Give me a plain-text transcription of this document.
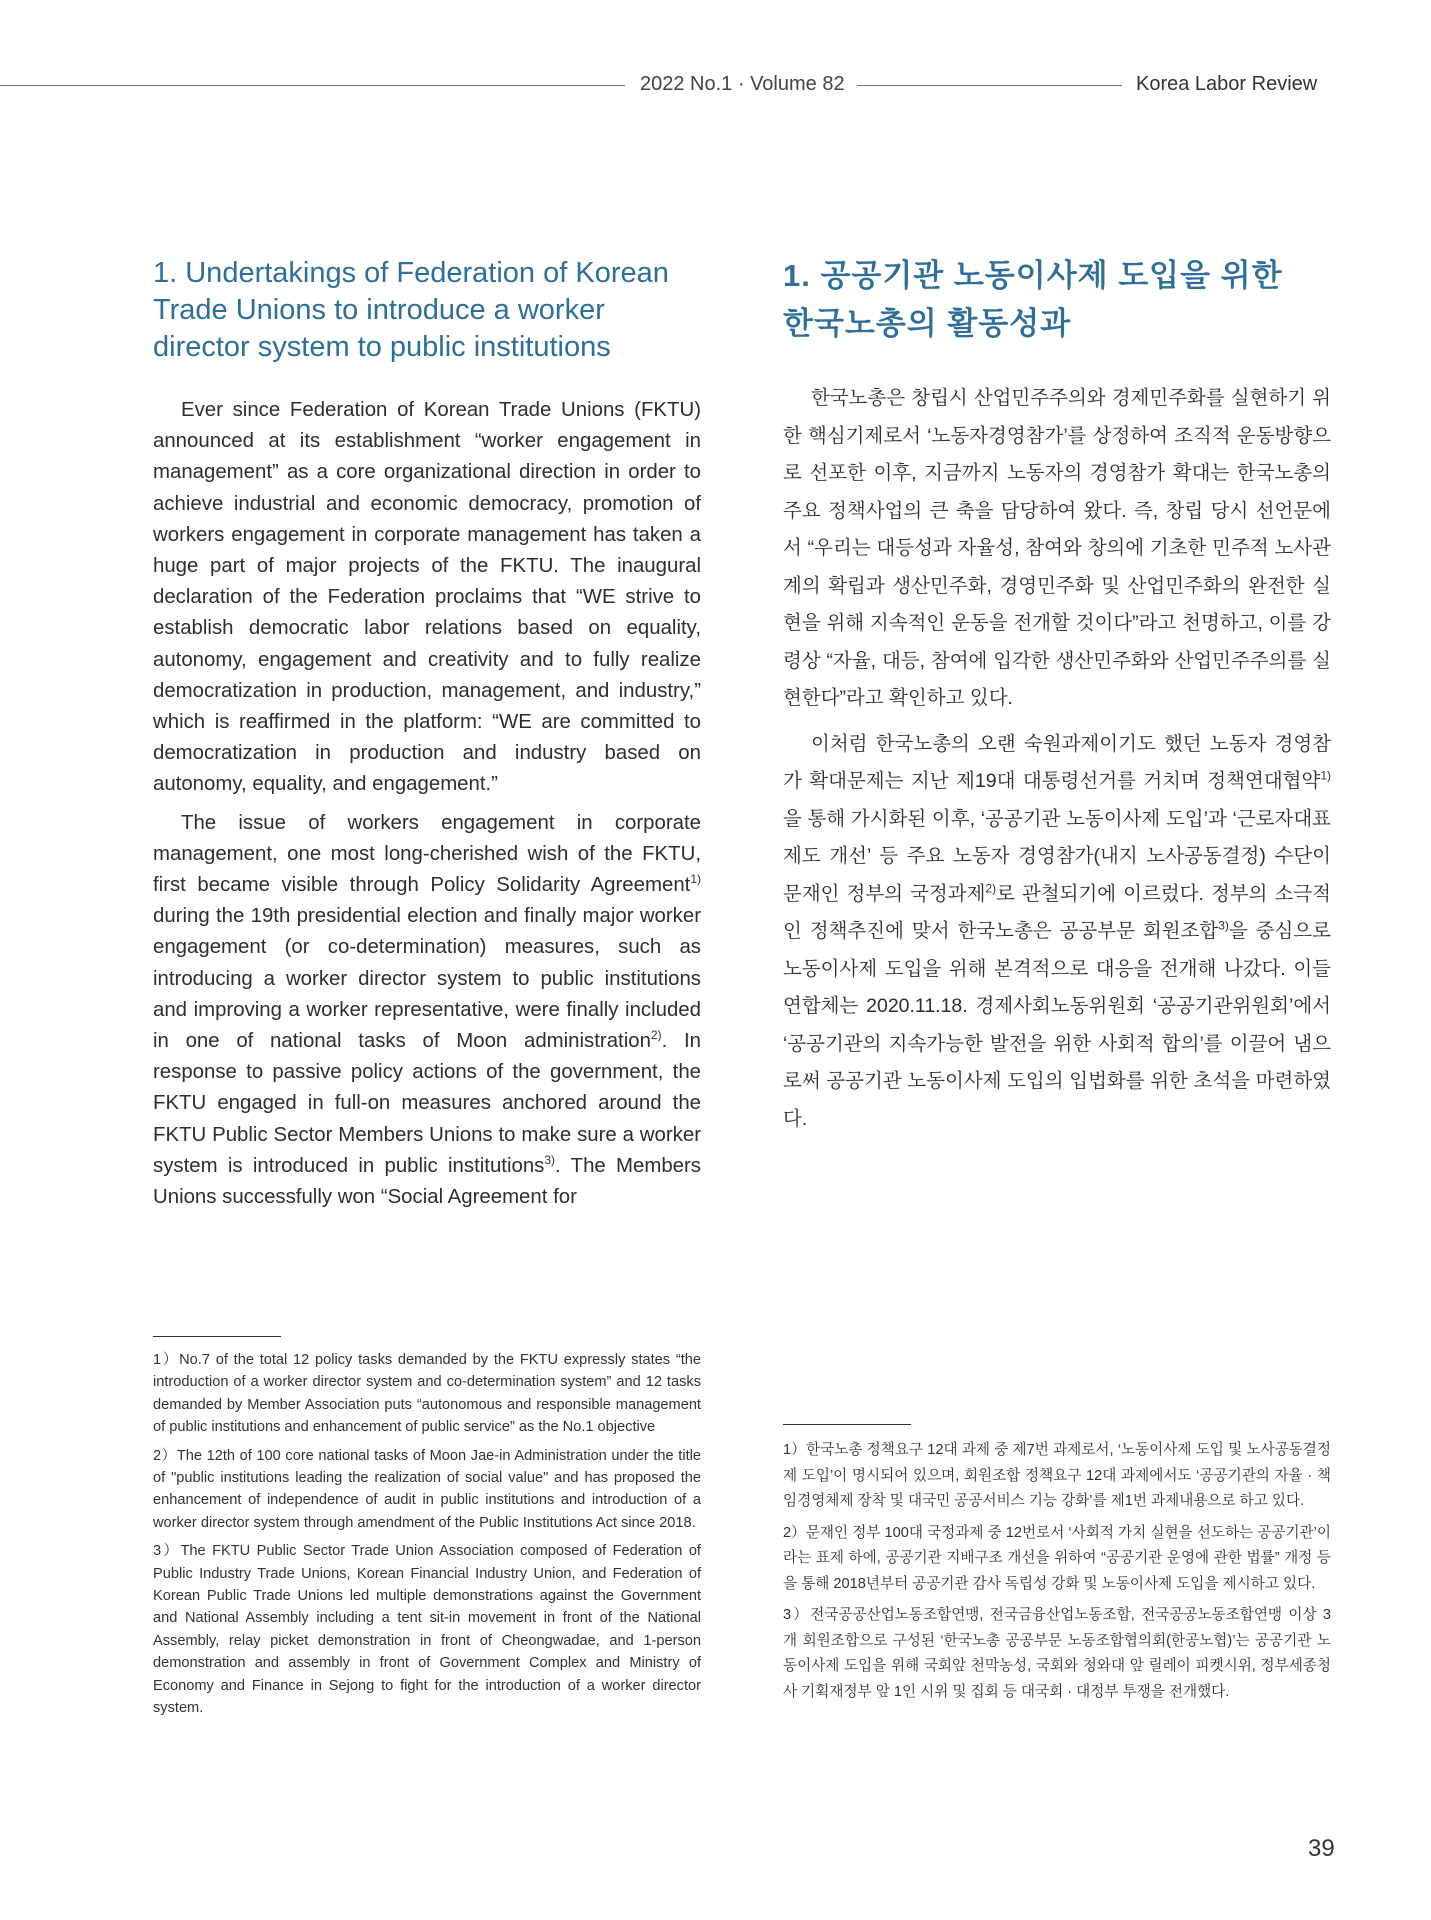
2022 No.1 · Volume 82	Korea Labor Review
1. Undertakings of Federation of Korean Trade Unions to introduce a worker director system to public institutions

Ever since Federation of Korean Trade Unions (FKTU) announced at its establishment “worker engagement in management” as a core organizational direction in order to achieve industrial and economic democracy, promotion of workers engagement in corporate management has taken a huge part of major projects of the FKTU. The inaugural declaration of the Federation proclaims that “WE strive to establish democratic labor relations based on equality, autonomy, engagement and creativity and to fully realize democratization in production, management, and industry,” which is reaffirmed in the platform: “WE are committed to democratization in production and industry based on autonomy, equality, and engagement.”

The issue of workers engagement in corporate management, one most long-cherished wish of the FKTU, first became visible through Policy Solidarity Agreement$^{1)}$ during the 19th presidential election and finally major worker engagement (or co-determination) measures, such as introducing a worker director system to public institutions and improving a worker representative, were finally included in one of national tasks of Moon administration$^{2)}$. In response to passive policy actions of the government, the FKTU engaged in full-on measures anchored around the FKTU Public Sector Members Unions to make sure a worker system is introduced in public institutions$^{3)}$. The Members Unions successfully won “Social Agreement for

1）No.7 of the total 12 policy tasks demanded by the FKTU expressly states “the introduction of a worker director system and co-determination system” and 12 tasks demanded by Member Association puts “autonomous and responsible management of public institutions and enhancement of public service” as the No.1 objective

2）The 12th of 100 core national tasks of Moon Jae-in Administration under the title of "public institutions leading the realization of social value" and has proposed the enhancement of independence of audit in public institutions and introduction of a worker director system through amendment of the Public Institutions Act since 2018.

3）The FKTU Public Sector Trade Union Association composed of Federation of Public Industry Trade Unions, Korean Financial Industry Union, and Federation of Korean Public Trade Unions led multiple demonstrations against the Government and National Assembly including a tent sit-in movement in front of the National Assembly, relay picket demonstration in front of Cheongwadae, and 1-person demonstration and assembly in front of Government Complex and Ministry of Economy and Finance in Sejong to fight for the introduction of a worker director system.

1. 공공기관 노동이사제 도입을 위한
한국노총의 활동성과

한국노총은 창립시 산업민주주의와 경제민주화를 실현하기 위한 핵심기제로서 ‘노동자경영참가’를 상정하여 조직적 운동방향으로 선포한 이후, 지금까지 노동자의 경영참가 확대는 한국노총의 주요 정책사업의 큰 축을 담당하여 왔다. 즉, 창립 당시 선언문에서 “우리는 대등성과 자율성, 참여와 창의에 기초한 민주적 노사관계의 확립과 생산민주화, 경영민주화 및 산업민주화의 완전한 실현을 위해 지속적인 운동을 전개할 것이다”라고 천명하고, 이를 강령상 “자율, 대등, 참여에 입각한 생산민주화와 산업민주주의를 실현한다”라고 확인하고 있다.

이처럼 한국노총의 오랜 숙원과제이기도 했던 노동자 경영참가 확대문제는 지난 제19대 대통령선거를 거치며 정책연대협약$^{1)}$을 통해 가시화된 이후, ‘공공기관 노동이사제 도입’과 ‘근로자대표제도 개선’ 등 주요 노동자 경영참가(내지 노사공동결정) 수단이 문재인 정부의 국정과제$^{2)}$로 관철되기에 이르렀다. 정부의 소극적인 정책추진에 맞서 한국노총은 공공부문 회원조합$^{3)}$을 중심으로 노동이사제 도입을 위해 본격적으로 대응을 전개해 나갔다. 이들 연합체는 2020.11.18. 경제사회노동위원회 ‘공공기관위원회’에서 ‘공공기관의 지속가능한 발전을 위한 사회적 합의’를 이끌어 냄으로써 공공기관 노동이사제 도입의 입법화를 위한 초석을 마련하였다.

1）한국노총 정책요구 12대 과제 중 제7번 과제로서, ‘노동이사제 도입 및 노사공동결정제 도입’이 명시되어 있으며, 회원조합 정책요구 12대 과제에서도 ‘공공기관의 자율 · 책임경영체제 장착 및 대국민 공공서비스 기능 강화’를 제1번 과제내용으로 하고 있다.

2）문재인 정부 100대 국정과제 중 12번로서 ‘사회적 가치 실현을 선도하는 공공기관’이라는 표제 하에, 공공기관 지배구조 개선을 위하여 “공공기관 운영에 관한 법률” 개정 등을 통해 2018년부터 공공기관 감사 독립성 강화 및 노동이사제 도입을 제시하고 있다.

3）전국공공산업노동조합연맹, 전국금융산업노동조합, 전국공공노동조합연맹 이상 3개 회원조합으로 구성된 ‘한국노총 공공부문 노동조합협의회(한공노협)’는 공공기관 노동이사제 도입을 위해 국회앞 천막농성, 국회와 청와대 앞 릴레이 피켓시위, 정부세종청사 기획재정부 앞 1인 시위 및 집회 등 대국회 · 대정부 투쟁을 전개했다.

39
